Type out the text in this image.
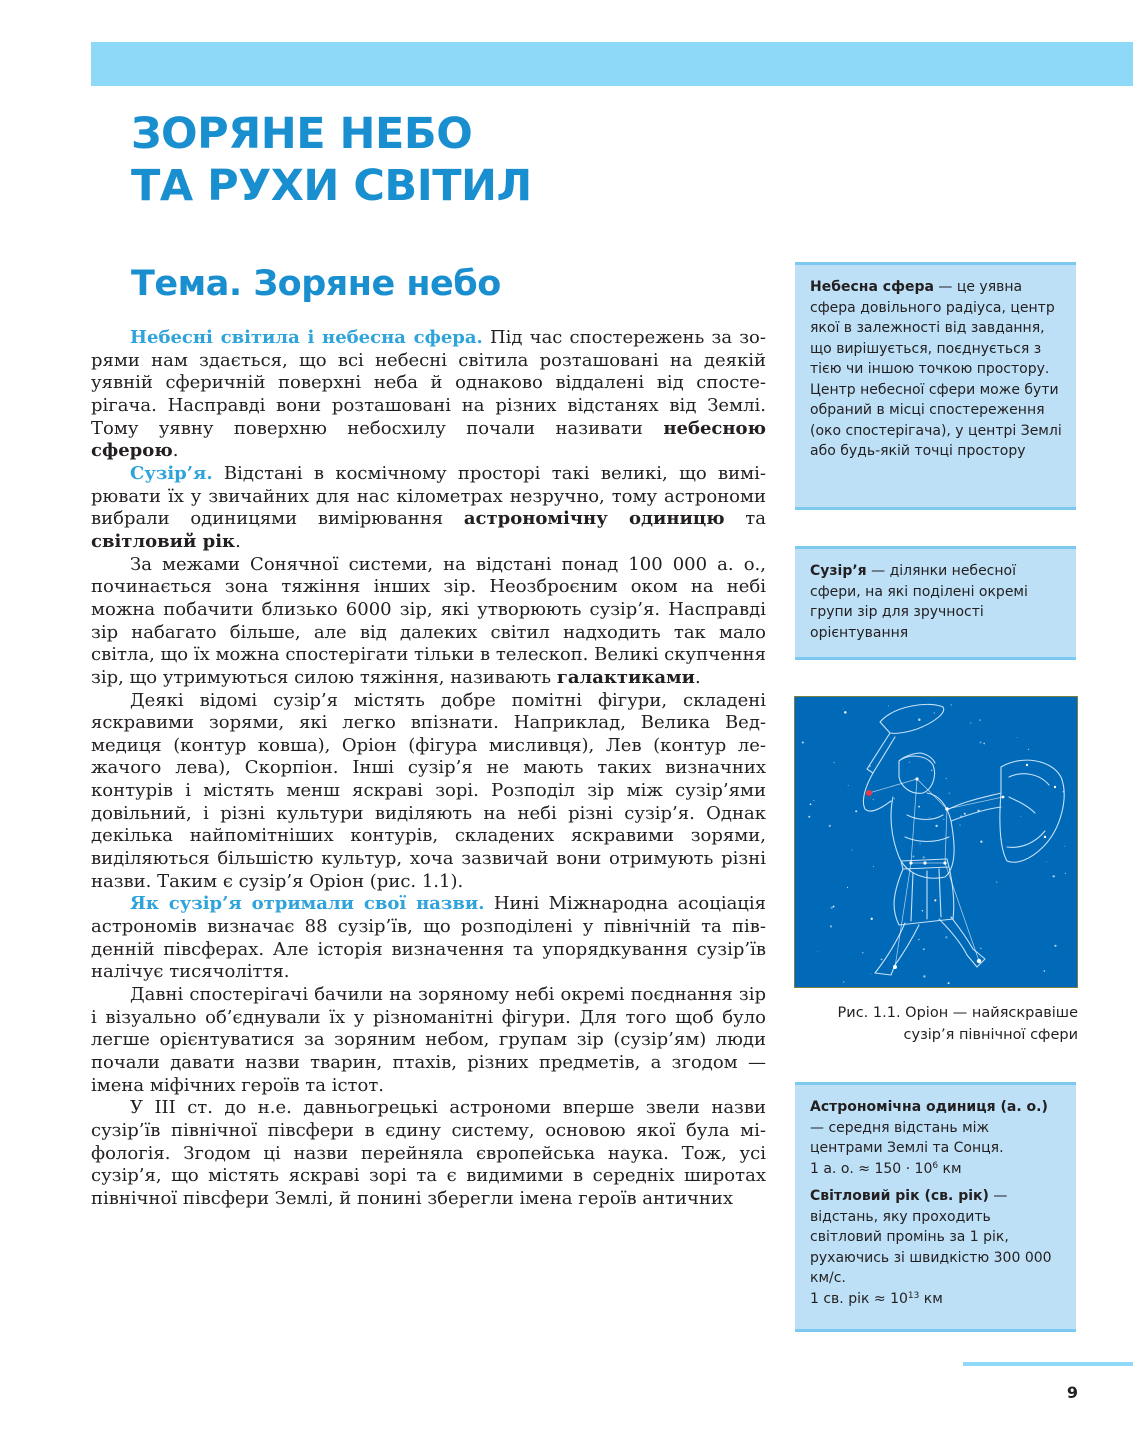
ЗОРЯНЕ НЕБО
ТА РУХИ СВІТИЛ
Тема. Зоряне небо

Небесні світила і небесна сфера. Під час спостережень за зорями нам здається, що всі небесні світила розташовані на деякій уявній сферичній поверхні неба й однаково віддалені від спостерігача. Насправді вони розташовані на різних відстанях від Землі. Тому уявну поверхню небосхилу почали називати небесною сферою.

Сузір’я. Відстані в космічному просторі такі великі, що вимірювати їх у звичайних для нас кілометрах незручно, тому астрономи вибрали одиницями вимірювання астрономічну одиницю та світловий рік.

За межами Сонячної системи, на відстані понад 100 000 а. о., починається зона тяжіння інших зір. Неозброєним оком на небі можна побачити близько 6000 зір, які утворюють сузір’я. Насправді зір набагато більше, але від далеких світил надходить так мало світла, що їх можна спостерігати тільки в телескоп. Великі скупчення зір, що утримуються силою тяжіння, називають галактиками.

Деякі відомі сузір’я містять добре помітні фігури, складені яскравими зорями, які легко впізнати. Наприклад, Велика Ведмедиця (контур ковша), Оріон (фігура мисливця), Лев (контур лежачого лева), Скорпіон. Інші сузір’я не мають таких визначних контурів і містять менш яскраві зорі. Розподіл зір між сузір’ями довільний, і різні культури виділяють на небі різні сузір’я. Однак декілька найпомітніших контурів, складених яскравими зорями, виділяються більшістю культур, хоча зазвичай вони отримують різні назви. Таким є сузір’я Оріон (рис. 1.1).

Як сузір’я отримали свої назви. Нині Міжнародна асоціація астрономів визначає 88 сузір’їв, що розподілені у північній та південній півсферах. Але історія визначення та упорядкування сузір’їв налічує тисячоліття.

Давні спостерігачі бачили на зоряному небі окремі поєднання зір і візуально об’єднували їх у різноманітні фігури. Для того щоб було легше орієнтуватися за зоряним небом, групам зір (сузір’ям) люди почали давати назви тварин, птахів, різних предметів, а згодом — імена міфічних героїв та істот.

У ІІІ ст. до н.е. давньогрецькі астрономи вперше звели назви сузір’їв північної півсфери в єдину систему, основою якої була міфологія. Згодом ці назви перейняла європейська наука. Тож, усі сузір’я, що містять яскраві зорі та є видимими в середніх широтах північної півсфери Землі, й понині зберегли імена героїв античних

Небесна сфера — це уявна сфера довільного радіуса, центр якої в залежності від завдання, що вирішується, поєднується з тією чи іншою точкою простору. Центр небесної сфери може бути обраний в місці спостереження (око спостерігача), у центрі Землі або будь-якій точці простору
Сузір’я — ділянки небесної сфери, на які поділені окремі групи зір для зручності орієнтування
Рис. 1.1. Оріон — найяскравіше
сузір’я північної сфери
Астрономічна одиниця (а. о.) — середня відстань між центрами Землі та Сонця.
1 а. о. ≈ $150 \cdot 10^6$ км
Світловий рік (св. рік) — відстань, яку проходить світловий промінь за 1 рік, рухаючись зі швидкістю 300 000 км/с.
1 св. рік ≈ $10^{13}$ км
9
